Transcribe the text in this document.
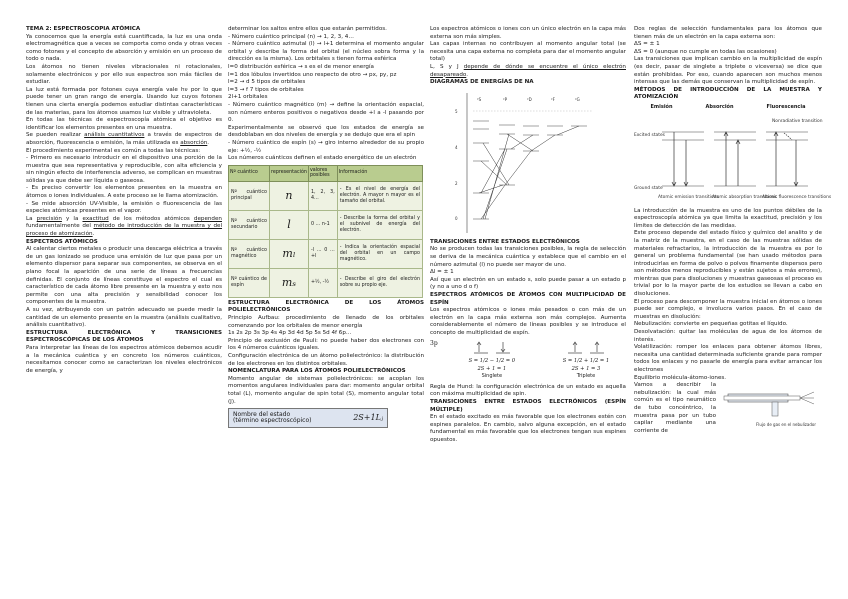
TEMA 2: ESPECTROSCOPIA ATÓMICA

Ya conocemos que la energía está cuantificada, la luz es una onda electromagnética que a veces se comporta como onda y otras veces como fotones y el concepto de absorción y emisión en un proceso de todo o nada.

Los átomos no tienen niveles vibracionales ni rotacionales, solamente electrónicos y por ello sus espectros son más fáciles de estudiar.

La luz está formada por fotones cuya energía vale hν por lo que puede tener un gran rango de energía. Usando luz cuyos fotones tienen una cierta energía podemos estudiar distintas características de las materias, para los átomos usamos luz visible y ultravioleta.

En todas las técnicas de espectroscopía atómica el objetivo es identificar los elementos presentes en una muestra.

Se pueden realizar análisis cuantitativos a través de espectros de absorción, fluorescencia o emisión, la más utilizada es absorción.

El procedimiento experimental es común a todas las técnicas:

- Primero es necesario introducir en el dispositivo una porción de la muestra que sea representativa y reproducible, con alta eficiencia y sin ningún efecto de interferencia adverso, se complican en muestras sólidas ya que debe ser líquida o gaseosa.

- Es preciso convertir los elementos presentes en la muestra en átomos o iones individuales. A este proceso se le llama atomización.

- Se mide absorción UV-Visible, la emisión o fluorescencia de las especies atómicas presentes en el vapor.

La precisión y la exactitud de los métodos atómicos dependen fundamentalmente del método de introducción de la muestra y del proceso de atomización.

ESPECTROS ATÓMICOS

Al calentar ciertos metales o producir una descarga eléctrica a través de un gas ionizado se produce una emisión de luz que pasa por un elemento dispersor para separar sus componentes, se observa en el plano focal la aparición de una serie de líneas a frecuencias definidas. El conjunto de líneas constituye el espectro el cual es característico de cada átomo libre presente en la muestra y esto nos permite con una alta precisión y sensibilidad conocer los componentes de la muestra.

A su vez, atribuyendo con un patrón adecuado se puede medir la cantidad de un elemento presente en la muestra (análisis cualitativo, análisis cuantitativo).

ESTRUCTURA ELECTRÓNICA Y TRANSICIONES ESPECTROSCÓPICAS DE LOS ÁTOMOS

Para interpretar las líneas de los espectros atómicos debemos acudir a la mecánica cuántica y en concreto los números cuánticos, necesitamos conocer como se caracterizan los niveles electrónicos de energía, y

determinar los saltos entre ellos que estarán permitidos.

- Número cuántico principal (n) → 1, 2, 3, 4…

- Número cuántico azimutal (l) → l+1 determina el momento angular orbital y describe la forma del orbital (el núcleo sobra forma y la dirección es la misma). Los orbitales s tienen forma esférica

l=0 distribución esférica → s es el de menor energía

l=1 dos lóbulos invertidos uno respecto de otro → px, py, pz

l=2 → d 5 tipos de orbitales

l=3 → f 7 tipos de orbitales

2l+1 orbitales

- Número cuántico magnético (m) → define la orientación espacial, son número enteros positivos o negativos desde +l a -l pasando por 0.

Experimentalmente se observó que los estados de energía se desdoblaban en dos niveles de energía y se dedujo que era el spin

- Número cuántico de espín (s) → giro interno alrededor de su propio eje: +½, -½

Los números cuánticos definen el estado energético de un electrón

Nº cuántico	representación	valores posibles	Información
Nº cuántico principal	n	1, 2, 3, 4…	- Es el nivel de energía del electrón. A mayor n mayor es el tamaño del orbital.
Nº cuántico secundario	l	0 … n-1	- Describe la forma del orbital y el subnivel de energía del electrón.
Nº cuántico magnético	mₗ	-l … 0 … +l	- Indica la orientación espacial del orbital en un campo magnético.
Nº cuántico de espín	mₛ	+½, -½	- Describe el giro del electrón sobre su propio eje.

ESTRUCTURA ELECTRÓNICA DE LOS ÁTOMOS POLIELECTRÓNICOS

Principio Aufbau: procedimiento de llenado de los orbitales comenzando por los orbitales de menor energía

1s 2s 2p 3s 3p 4s 4p 3d 4d 5p 5s 5d 4f 6p…

Principio de exclusión de Pauli: no puede haber dos electrones con los 4 números cuánticos iguales.

Configuración electrónica de un átomo polielectrónico: la distribución de los electrones en los distintos orbitales.

NOMENCLATURA PARA LOS ÁTOMOS POLIELECTRÓNICOS

Momento angular de sistemas polielectrónicos: se acoplan los momentos angulares individuales para dar: momento angular orbital total (L), momento angular de spin total (S), momento angular total (J).

Nombre del estado
(término espectroscópico)	2S+1Lⱼ

Los espectros atómicos o iones con un único electrón en la capa más externa son más simples.

Las capas internas no contribuyen al momento angular total (se necesita una capa externa no completa para dar el momento angular total)

L, S y J depende de dónde se encuentre el único electrón desapareado.

DIAGRAMAS DE ENERGÍAS DE NA

²S	²P	²D	²F	²G
0
2
4
5

TRANSICIONES ENTRE ESTADOS ELECTRÓNICOS

No se producen todas las transiciones posibles, la regla de selección se deriva de la mecánica cuántica y establece que el cambio en el número azimutal (l) no puede ser mayor de uno.

Δl = ± 1

Así que un electrón en un estado s, solo puede pasar a un estado p (y no a uno d o f)

ESPECTROS ATÓMICOS DE ÁTOMOS CON MULTIPLICIDAD DE ESPÍN

Los espectros atómicos o iones más pesados o con más de un electrón en la capa más externa son más complejos. Aumenta considerablemente el número de líneas posibles y se introduce el concepto de multiplicidad de espín.

3p
S = 1/2 − 1/2 = 0
2S + 1 = 1
Singlete
S = 1/2 + 1/2 = 1
2S + 1 = 3
Triplete

Regla de Hund: la configuración electrónica de un estado es aquella con máxima multiplicidad de spin.

TRANSICIONES ENTRE ESTADOS ELECTRÓNICOS (ESPÍN MÚLTIPLE)

En el estado excitado es más favorable que los electrones estén con espines paralelos. En cambio, salvo alguna excepción, en el estado fundamental es más favorable que los electrones tengan sus espines opuestos.

Dos reglas de selección fundamentales para los átomos que tienen más de un electrón en la capa externa son:

ΔS = ± 1

ΔS = 0 (aunque no cumple en todas las ocasiones)

Las transiciones que implican cambio en la multiplicidad de espín (es decir, pasar de singlete a triplete o viceversa) se dice que están prohibidas. Por eso, cuando aparecen son muchos menos intensas que las demás que conservan la multiplicidad de espín.

MÉTODOS DE INTRODUCCIÓN DE LA MUESTRA Y ATOMIZACIÓN

Emisión	Absorción	Fluorescencia
Excited states
Ground state
Nonradiative transition
Atomic emission transitions
Atomic absorption transitions
Atomic fluorescence transitions

La introducción de la muestra es uno de los puntos débiles de la espectroscopía atómica ya que limita la exactitud, precisión y los límites de detección de las medidas.

Este proceso depende del estado físico y químico del analito y de la matriz de la muestra, en el caso de las muestras sólidas de materiales refractarios, la introducción de la muestra es por lo general un problema fundamental (se han usado métodos para introducirlas en forma de polvo o polvos finamente dispersos pero son métodos menos reproducibles y están sujetos a más errores), mientras que para disoluciones y muestras gaseosas el proceso es trivial por lo la mayor parte de los estudios se llevan a cabo en disoluciones.

El proceso para descomponer la muestra inicial en átomos o iones puede ser complejo, e involucra varios pasos. En el caso de muestras en disolución:

Nebulización: convierte en pequeñas gotitas el líquido.

Desolvatación: quitar las moléculas de agua de los átomos de interés.

Volatilización: romper los enlaces para obtener átomos libres, necesita una cantidad determinada suficiente grande para romper todos los enlaces y no pasarle de energía para evitar arrancar los electrones

Equilibrio molécula-átomo-iones.

Vamos a describir la nebulización: la cual más común es el tipo neumático de tubo concéntrico, la muestra pasa por un tubo capilar mediante una corriente de

Flujo de gas en el nebulizador
